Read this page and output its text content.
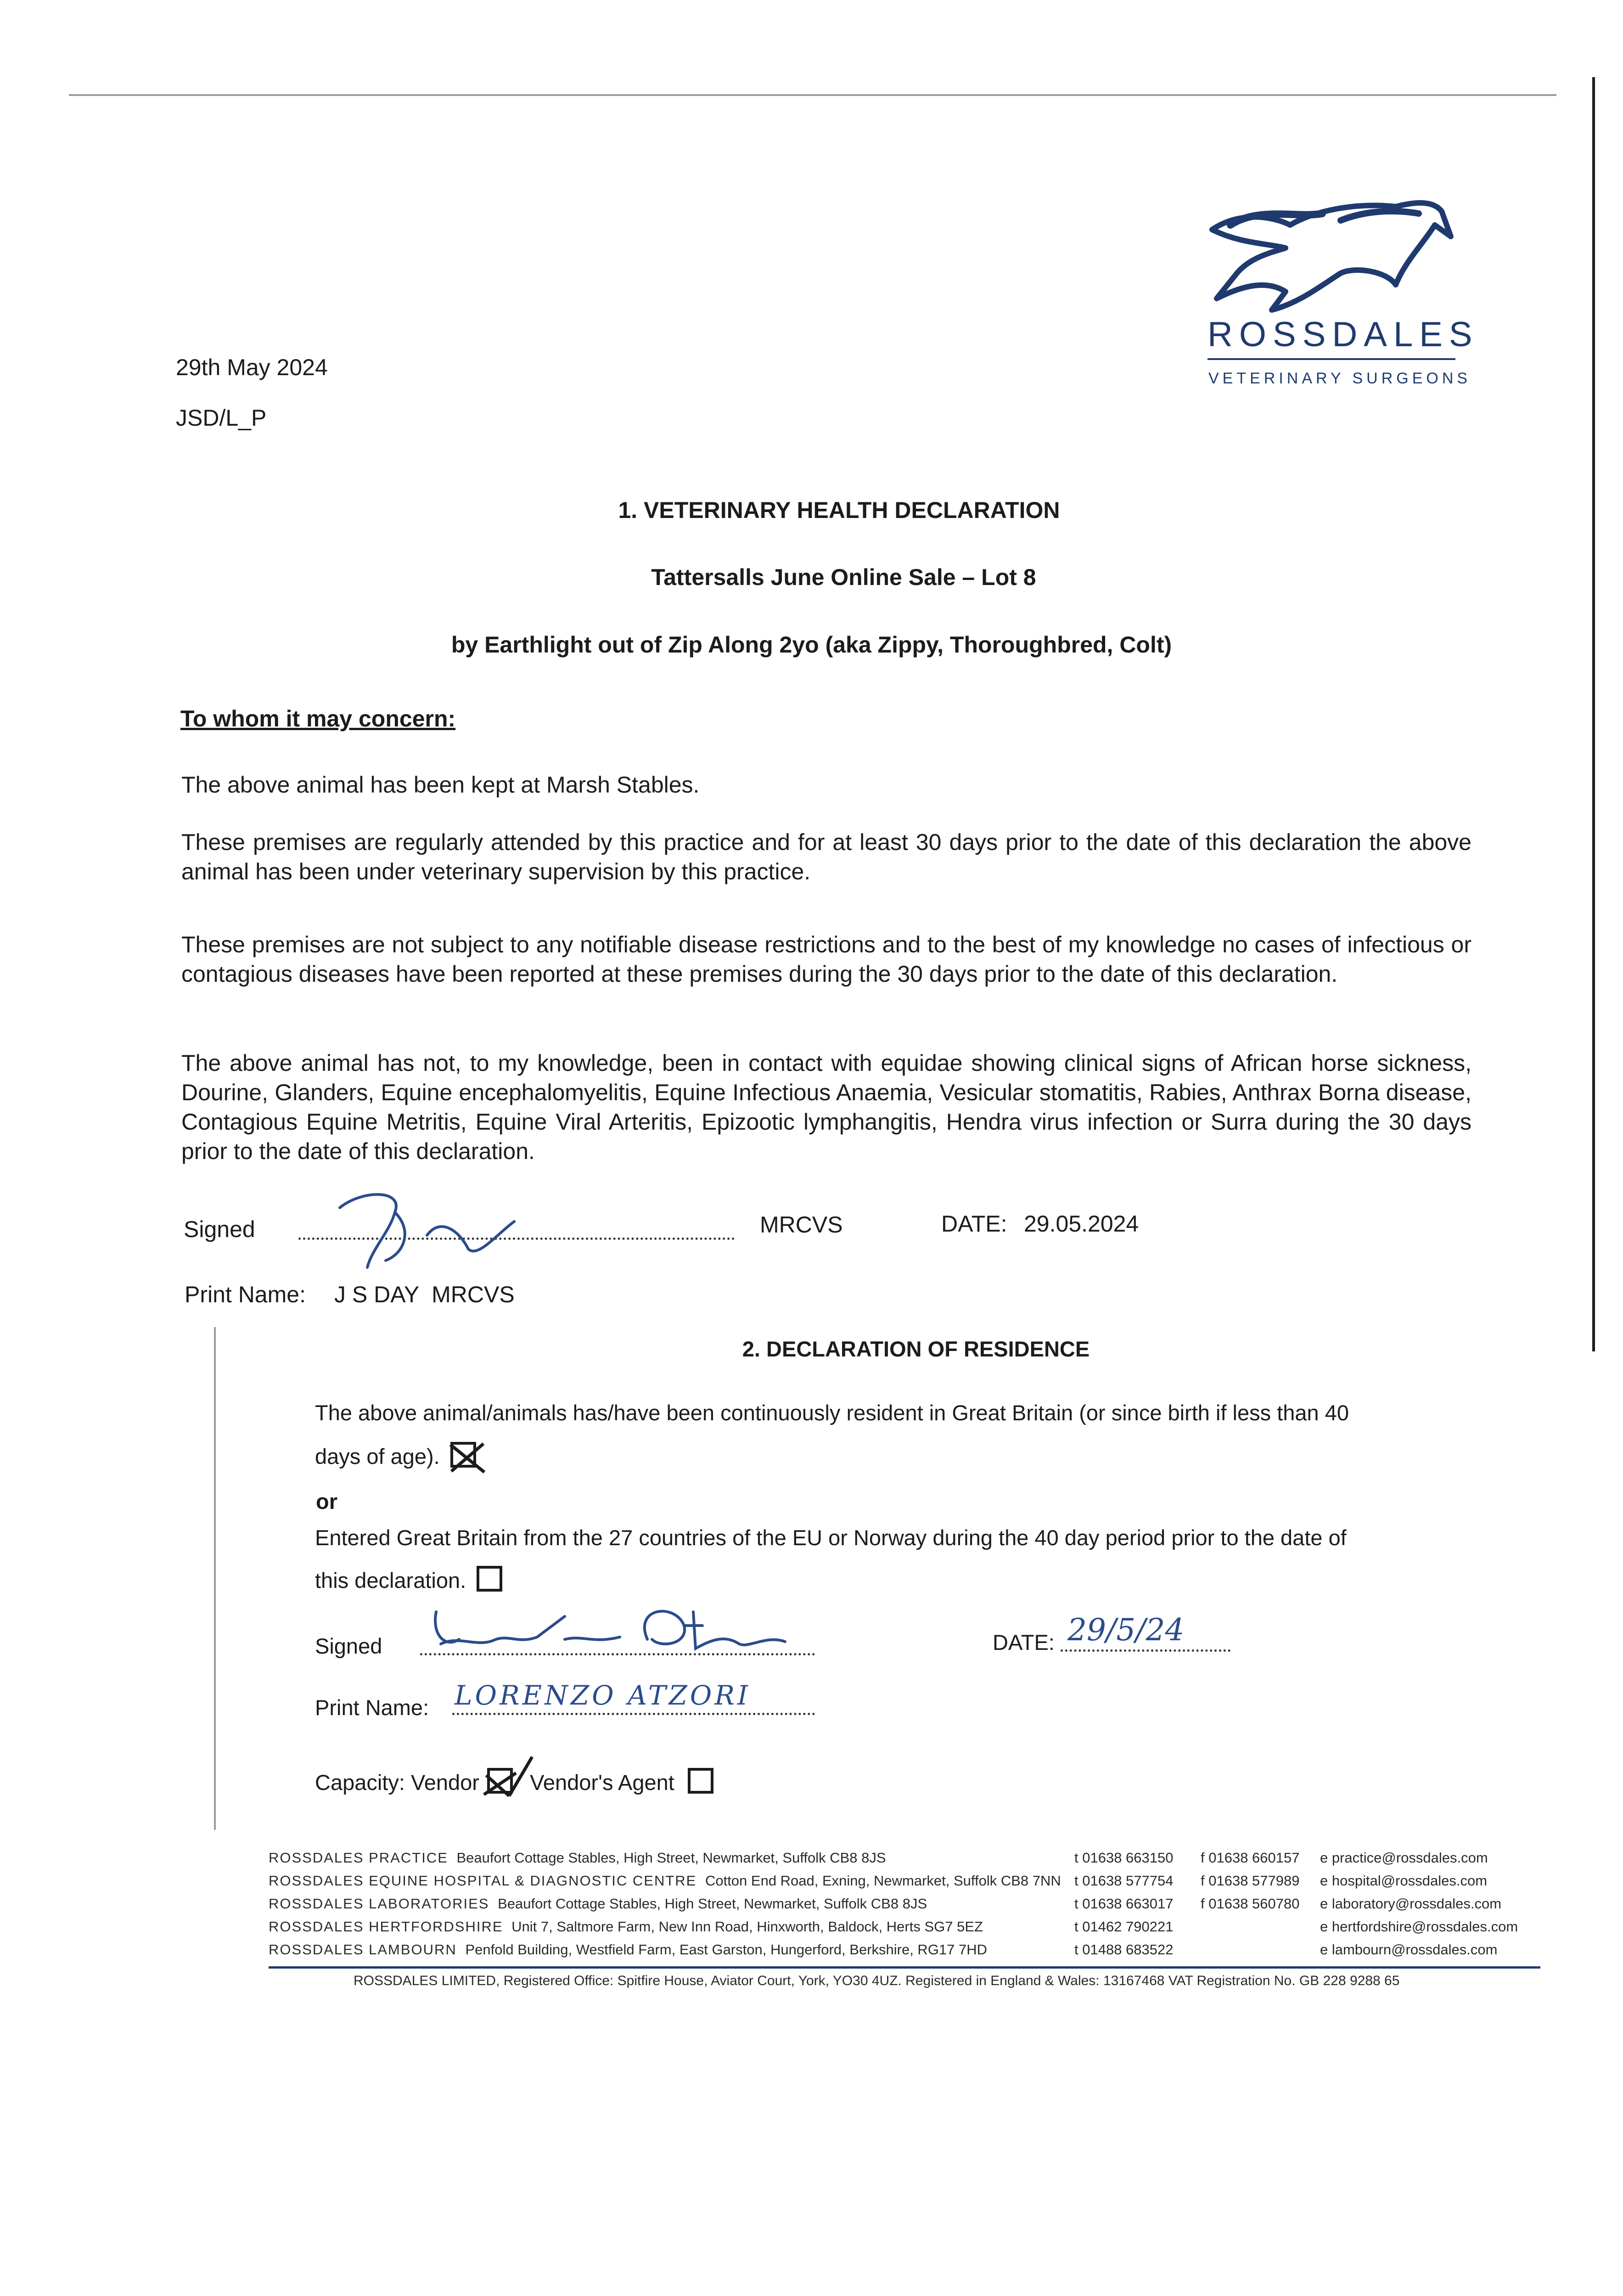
ROSSDALES
VETERINARY SURGEONS
29th May 2024
JSD/L_P
1. VETERINARY HEALTH DECLARATION
Tattersalls June Online Sale – Lot 8
by Earthlight out of Zip Along 2yo (aka Zippy, Thoroughbred, Colt)
To whom it may concern:
The above animal has been kept at Marsh Stables.
These premises are regularly attended by this practice and for at least 30 days prior to the date of this declaration the above animal has been under veterinary supervision by this practice.
These premises are not subject to any notifiable disease restrictions and to the best of my knowledge no cases of infectious or contagious diseases have been reported at these premises during the 30 days prior to the date of this declaration.
The above animal has not, to my knowledge, been in contact with equidae showing clinical signs of African horse sickness, Dourine, Glanders, Equine encephalomyelitis, Equine Infectious Anaemia, Vesicular stomatitis, Rabies, Anthrax Borna disease, Contagious Equine Metritis, Equine Viral Arteritis, Epizootic lymphangitis, Hendra virus infection or Surra during the 30 days prior to the date of this declaration.
Signed	MRCVS	DATE: 29.05.2024
Print Name: J S DAY  MRCVS
2. DECLARATION OF RESIDENCE
The above animal/animals has/have been continuously resident in Great Britain (or since birth if less than 40
days of age).
or
Entered Great Britain from the 27 countries of the EU or Norway during the 40 day period prior to the date of
this declaration.
Signed	DATE: 29/5/24
Print Name: LORENZO ATZORI
Capacity: Vendor Vendor's Agent
ROSSDALES PRACTICE Beaufort Cottage Stables, High Street, Newmarket, Suffolk CB8 8JS	t 01638 663150 f 01638 660157 e practice@rossdales.com
ROSSDALES EQUINE HOSPITAL & DIAGNOSTIC CENTRE Cotton End Road, Exning, Newmarket, Suffolk CB8 7NN t 01638 577754 f 01638 577989 e hospital@rossdales.com
ROSSDALES LABORATORIES Beaufort Cottage Stables, High Street, Newmarket, Suffolk CB8 8JS	t 01638 663017 f 01638 560780 e laboratory@rossdales.com
ROSSDALES HERTFORDSHIRE Unit 7, Saltmore Farm, New Inn Road, Hinxworth, Baldock, Herts SG7 5EZ	t 01462 790221	e hertfordshire@rossdales.com
ROSSDALES LAMBOURN Penfold Building, Westfield Farm, East Garston, Hungerford, Berkshire, RG17 7HD	t 01488 683522	e lambourn@rossdales.com
ROSSDALES LIMITED, Registered Office: Spitfire House, Aviator Court, York, YO30 4UZ. Registered in England & Wales: 13167468 VAT Registration No. GB 228 9288 65
